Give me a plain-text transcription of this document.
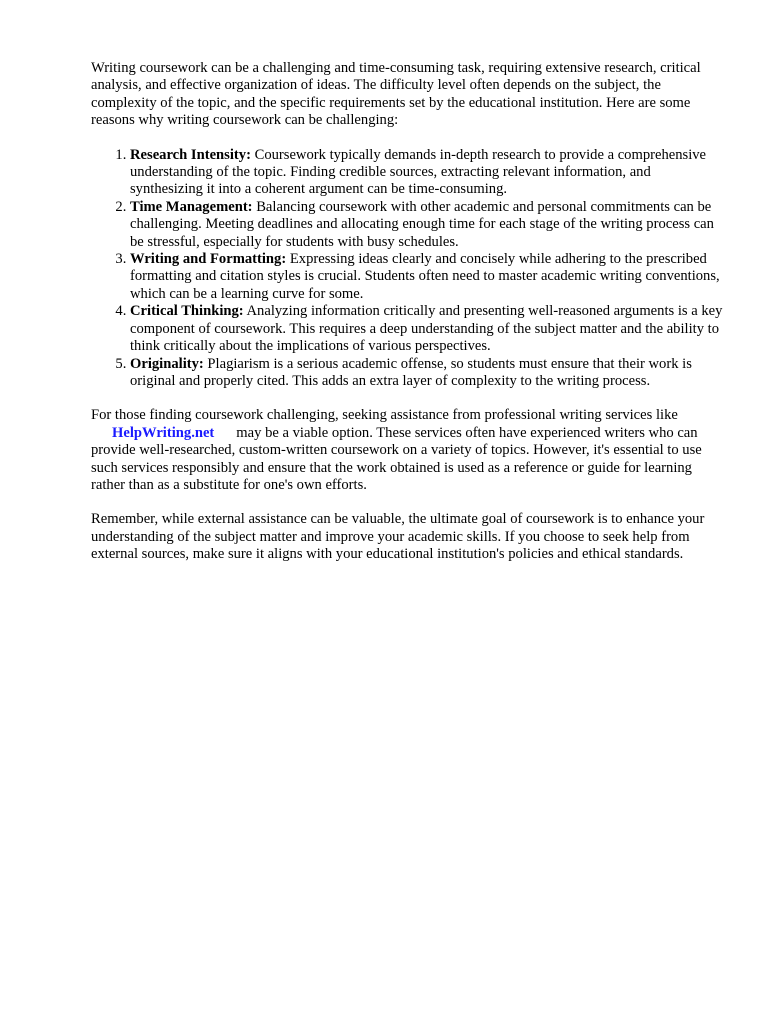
Writing coursework can be a challenging and time-consuming task, requiring extensive research, critical analysis, and effective organization of ideas. The difficulty level often depends on the subject, the complexity of the topic, and the specific requirements set by the educational institution. Here are some reasons why writing coursework can be challenging:

1. Research Intensity: Coursework typically demands in-depth research to provide a comprehensive understanding of the topic. Finding credible sources, extracting relevant information, and synthesizing it into a coherent argument can be time-consuming.
2. Time Management: Balancing coursework with other academic and personal commitments can be challenging. Meeting deadlines and allocating enough time for each stage of the writing process can be stressful, especially for students with busy schedules.
3. Writing and Formatting: Expressing ideas clearly and concisely while adhering to the prescribed formatting and citation styles is crucial. Students often need to master academic writing conventions, which can be a learning curve for some.
4. Critical Thinking: Analyzing information critically and presenting well-reasoned arguments is a key component of coursework. This requires a deep understanding of the subject matter and the ability to think critically about the implications of various perspectives.
5. Originality: Plagiarism is a serious academic offense, so students must ensure that their work is original and properly cited. This adds an extra layer of complexity to the writing process.

For those finding coursework challenging, seeking assistance from professional writing services like
HelpWriting.net may be a viable option. These services often have experienced writers who can provide well-researched, custom-written coursework on a variety of topics. However, it's essential to use such services responsibly and ensure that the work obtained is used as a reference or guide for learning rather than as a substitute for one's own efforts.

Remember, while external assistance can be valuable, the ultimate goal of coursework is to enhance your understanding of the subject matter and improve your academic skills. If you choose to seek help from external sources, make sure it aligns with your educational institution's policies and ethical standards.
